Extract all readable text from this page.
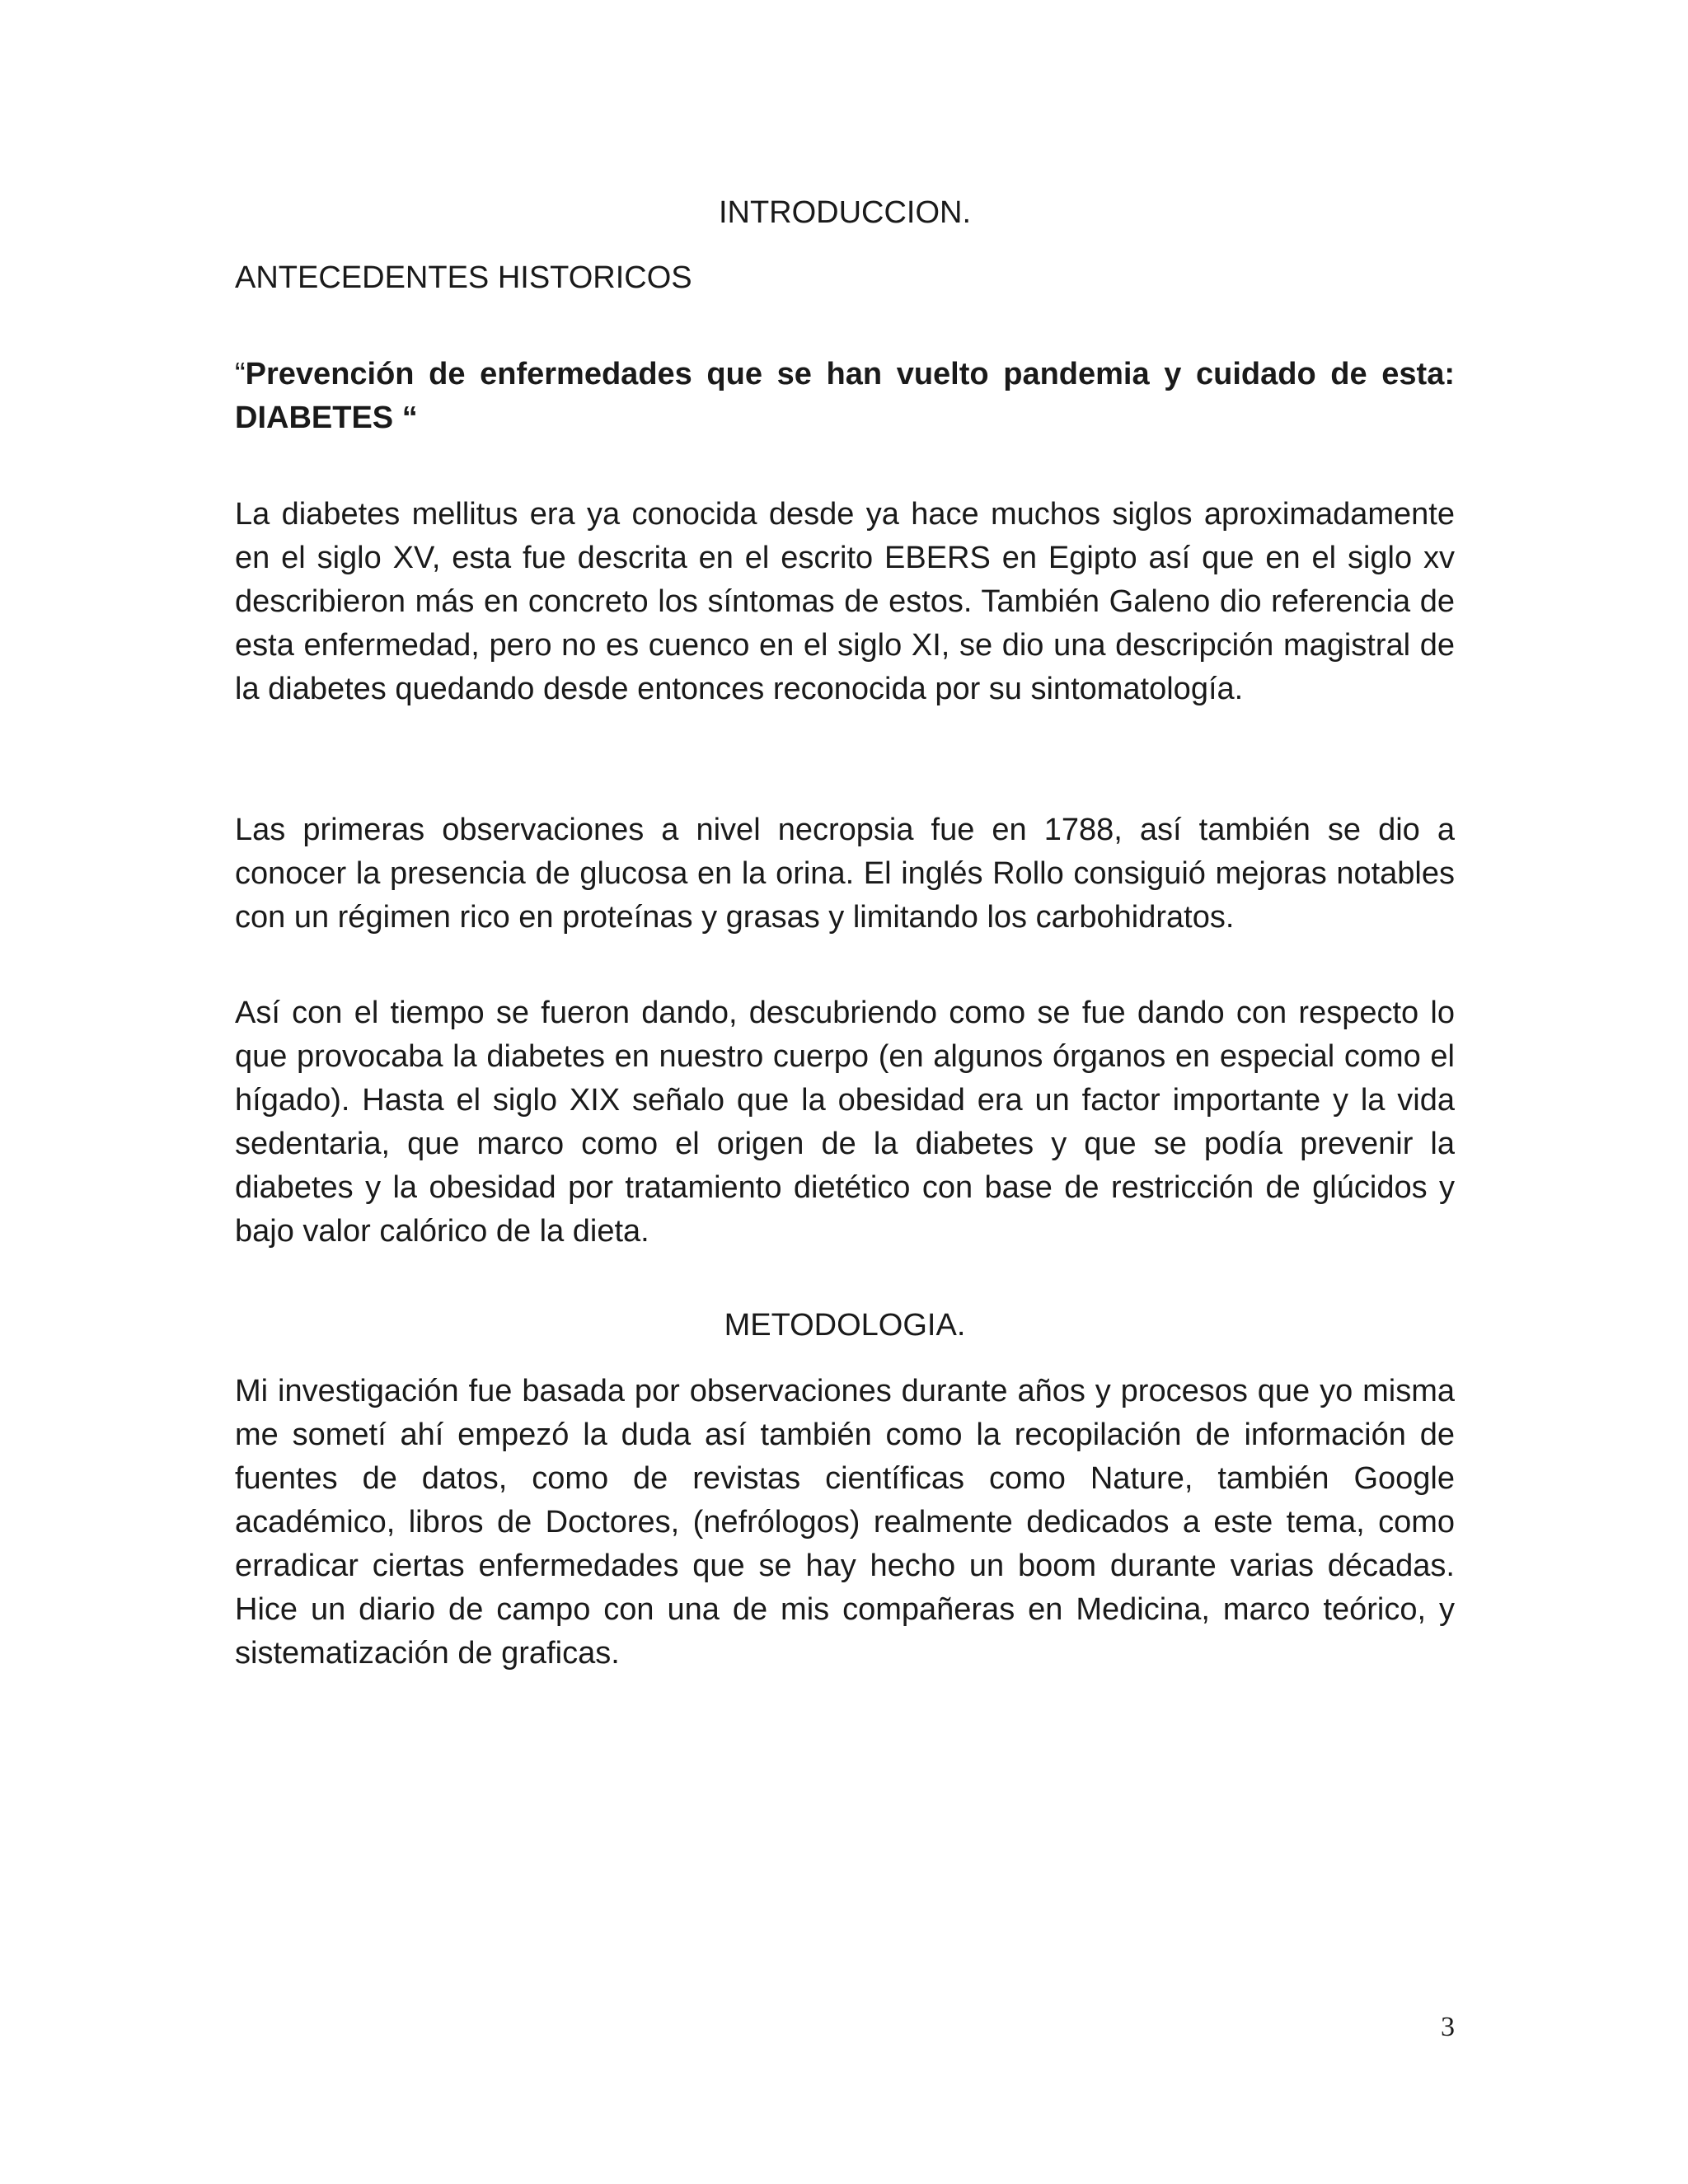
INTRODUCCION.

ANTECEDENTES HISTORICOS

“Prevención de enfermedades que se han vuelto pandemia y cuidado de esta: DIABETES “

La diabetes mellitus era ya conocida desde ya hace muchos siglos aproximadamente en el siglo XV, esta fue descrita en el escrito EBERS en Egipto así que en el siglo xv describieron más en concreto los síntomas de estos. También Galeno dio referencia de esta enfermedad, pero no es cuenco en el siglo XI, se dio una descripción magistral de la diabetes quedando desde entonces reconocida por su sintomatología.

Las primeras observaciones a nivel necropsia fue en 1788, así también se dio a conocer la presencia de glucosa en la orina. El inglés Rollo consiguió mejoras notables con un régimen rico en proteínas y grasas y limitando los carbohidratos.

Así con el tiempo se fueron dando, descubriendo como se fue dando con respecto lo que provocaba la diabetes en nuestro cuerpo (en algunos órganos en especial como el hígado). Hasta el siglo XIX señalo que la obesidad era un factor importante y la vida sedentaria, que marco como el origen de la diabetes y que se podía prevenir la diabetes y la obesidad por tratamiento dietético con base de restricción de glúcidos y bajo valor calórico de la dieta.

METODOLOGIA.

Mi investigación fue basada por observaciones durante años y procesos que yo misma me sometí ahí empezó la duda así también como la recopilación de información de fuentes de datos, como de revistas científicas como Nature, también Google académico, libros de Doctores, (nefrólogos) realmente dedicados a este tema, como erradicar ciertas enfermedades que se hay hecho un boom durante varias décadas. Hice un diario de campo con una de mis compañeras en Medicina, marco teórico, y sistematización de graficas.

3
